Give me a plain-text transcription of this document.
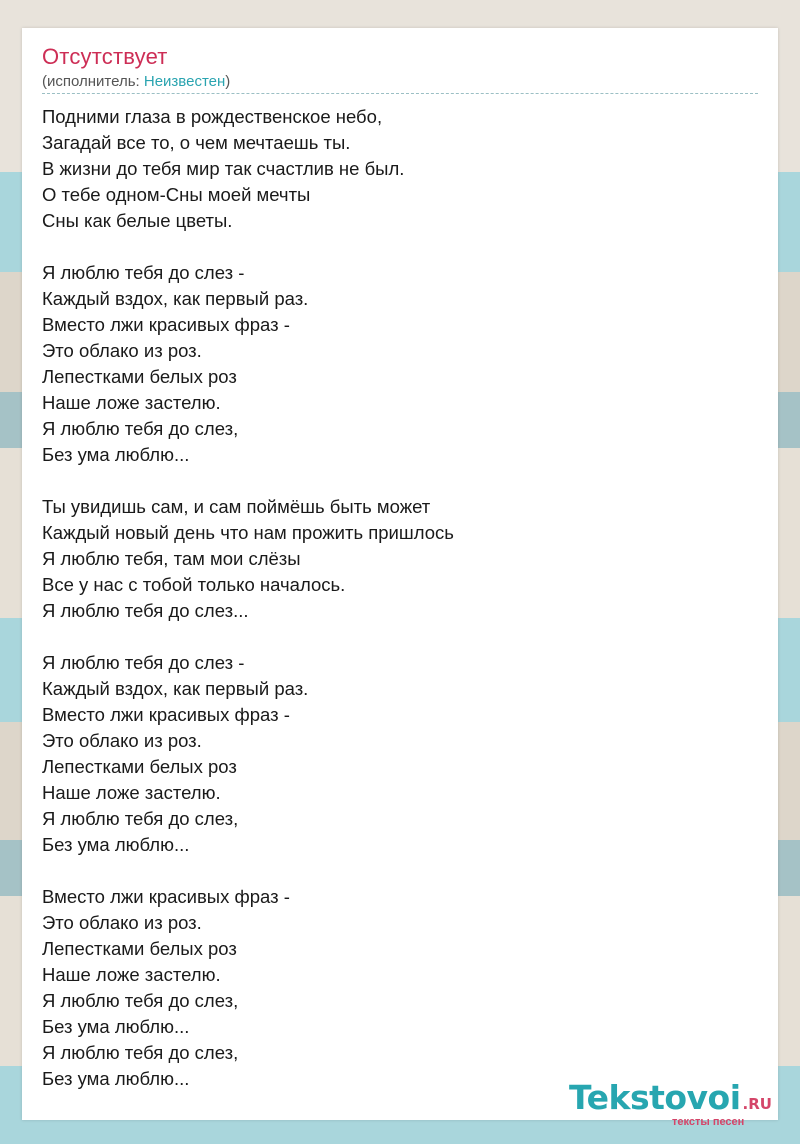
Отсутствует
(исполнитель: Неизвестен)
Подними глаза в рождественское небо,
Загадай все то, о чем мечтаешь ты.
В жизни до тебя мир так счастлив не был.
О тебе одном-Сны моей мечты
Сны как белые цветы.
Я люблю тебя до слез -
Каждый вздох, как первый раз.
Вместо лжи красивых фраз -
Это облако из роз.
Лепестками белых роз
Наше ложе застелю.
Я люблю тебя до слез,
Без ума люблю...
Ты увидишь сам, и сам поймёшь быть может
Каждый новый день что нам прожить пришлось
Я люблю тебя, там мои слёзы
Все у нас с тобой только началось.
Я люблю тебя до слез...
Я люблю тебя до слез -
Каждый вздох, как первый раз.
Вместо лжи красивых фраз -
Это облако из роз.
Лепестками белых роз
Наше ложе застелю.
Я люблю тебя до слез,
Без ума люблю...
Вместо лжи красивых фраз -
Это облако из роз.
Лепестками белых роз
Наше ложе застелю.
Я люблю тебя до слез,
Без ума люблю...
Я люблю тебя до слез,
Без ума люблю...	Tekstovoi .RU
тексты песен
